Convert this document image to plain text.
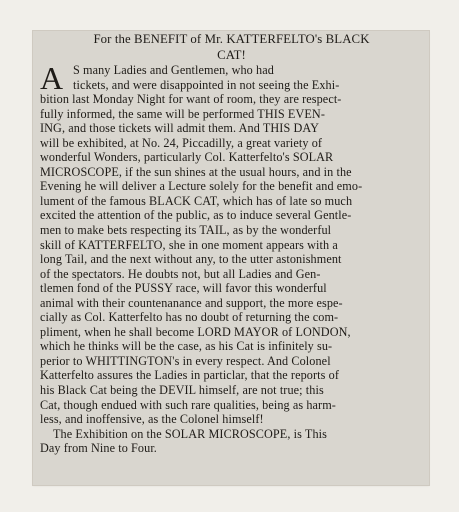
For the BENEFIT of Mr. KATTERFELTO's BLACK
CAT!
A S many Ladies and Gentlemen, who had
tickets, and were disappointed in not seeing the Exhi-
bition last Monday Night for want of room, they are respect-
fully informed, the same will be performed THIS EVEN-
ING, and those tickets will admit them. And THIS DAY
will be exhibited, at No. 24, Piccadilly, a great variety of
wonderful Wonders, particularly Col. Katterfelto's SOLAR
MICROSCOPE, if the sun shines at the usual hours, and in the
Evening he will deliver a Lecture solely for the benefit and emo-
lument of the famous BLACK CAT, which has of late so much
excited the attention of the public, as to induce several Gentle-
men to make bets respecting its TAIL, as by the wonderful
skill of KATTERFELTO, she in one moment appears with a
long Tail, and the next without any, to the utter astonishment
of the spectators. He doubts not, but all Ladies and Gen-
tlemen fond of the PUSSY race, will favor this wonderful
animal with their countenanance and support, the more espe-
cially as Col. Katterfelto has no doubt of returning the com-
pliment, when he shall become LORD MAYOR of LONDON,
which he thinks will be the case, as his Cat is infinitely su-
perior to WHITTINGTON's in every respect. And Colonel
Katterfelto assures the Ladies in particlar, that the reports of
his Black Cat being the DEVIL himself, are not true; this
Cat, though endued with such rare qualities, being as harm-
less, and inoffensive, as the Colonel himself!
The Exhibition on the SOLAR MICROSCOPE, is This
Day from Nine to Four.
